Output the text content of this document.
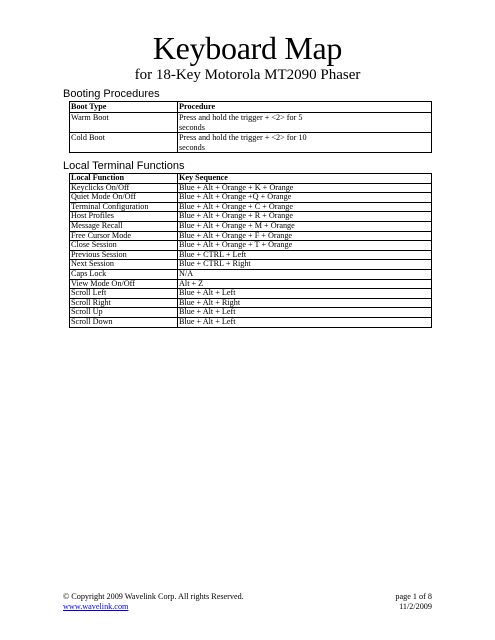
Keyboard Map
for 18-Key Motorola MT2090 Phaser
Booting Procedures
Boot Type	Procedure
Warm Boot	Press and hold the trigger + <2> for 5 seconds

Cold Boot	Press and hold the trigger + <2> for 10 seconds
Local Terminal Functions
Local Function	Key Sequence
Keyclicks On/Off	Blue + Alt + Orange + K + Orange
Quiet Mode On/Off	Blue + Alt + Orange +Q + Orange
Terminal Configuration	Blue + Alt + Orange + C + Orange
Host Profiles	Blue + Alt + Orange + R + Orange
Message Recall	Blue + Alt + Orange + M + Orange
Free Cursor Mode	Blue + Alt + Orange + F + Orange
Close Session	Blue + Alt + Orange + T + Orange
Previous Session	Blue + CTRL + Left
Next Session	Blue + CTRL + Right
Caps Lock	N/A
View Mode On/Off	Alt + Z
Scroll Left	Blue + Alt + Left
Scroll Right	Blue + Alt + Right
Scroll Up	Blue + Alt + Left
Scroll Down	Blue + Alt + Left
© Copyright 2009 Wavelink Corp. All rights Reserved.
www.wavelink.com
page 1 of 8
11/2/2009
